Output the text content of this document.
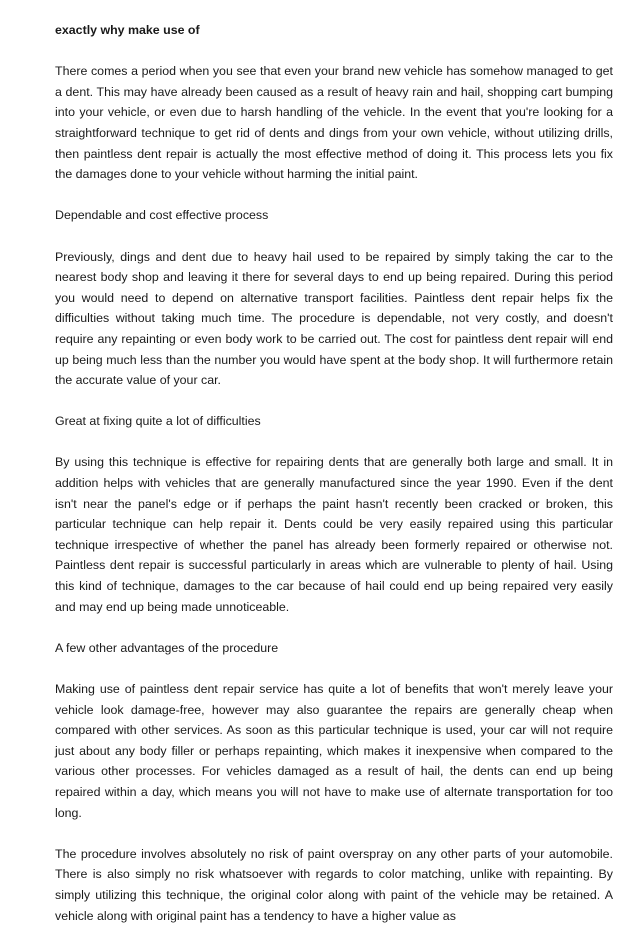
exactly why make use of

There comes a period when you see that even your brand new vehicle has somehow managed to get a dent. This may have already been caused as a result of heavy rain and hail, shopping cart bumping into your vehicle, or even due to harsh handling of the vehicle. In the event that you're looking for a straightforward technique to get rid of dents and dings from your own vehicle, without utilizing drills, then paintless dent repair is actually the most effective method of doing it. This process lets you fix the damages done to your vehicle without harming the initial paint.

Dependable and cost effective process

Previously, dings and dent due to heavy hail used to be repaired by simply taking the car to the nearest body shop and leaving it there for several days to end up being repaired. During this period you would need to depend on alternative transport facilities. Paintless dent repair helps fix the difficulties without taking much time. The procedure is dependable, not very costly, and doesn't require any repainting or even body work to be carried out. The cost for paintless dent repair will end up being much less than the number you would have spent at the body shop. It will furthermore retain the accurate value of your car.

Great at fixing quite a lot of difficulties

By using this technique is effective for repairing dents that are generally both large and small. It in addition helps with vehicles that are generally manufactured since the year 1990. Even if the dent isn't near the panel's edge or if perhaps the paint hasn't recently been cracked or broken, this particular technique can help repair it. Dents could be very easily repaired using this particular technique irrespective of whether the panel has already been formerly repaired or otherwise not. Paintless dent repair is successful particularly in areas which are vulnerable to plenty of hail. Using this kind of technique, damages to the car because of hail could end up being repaired very easily and may end up being made unnoticeable.

A few other advantages of the procedure

Making use of paintless dent repair service has quite a lot of benefits that won't merely leave your vehicle look damage-free, however may also guarantee the repairs are generally cheap when compared with other services. As soon as this particular technique is used, your car will not require just about any body filler or perhaps repainting, which makes it inexpensive when compared to the various other processes. For vehicles damaged as a result of hail, the dents can end up being repaired within a day, which means you will not have to make use of alternate transportation for too long.

The procedure involves absolutely no risk of paint overspray on any other parts of your automobile. There is also simply no risk whatsoever with regards to color matching, unlike with repainting. By simply utilizing this technique, the original color along with paint of the vehicle may be retained. A vehicle along with original paint has a tendency to have a higher value as
